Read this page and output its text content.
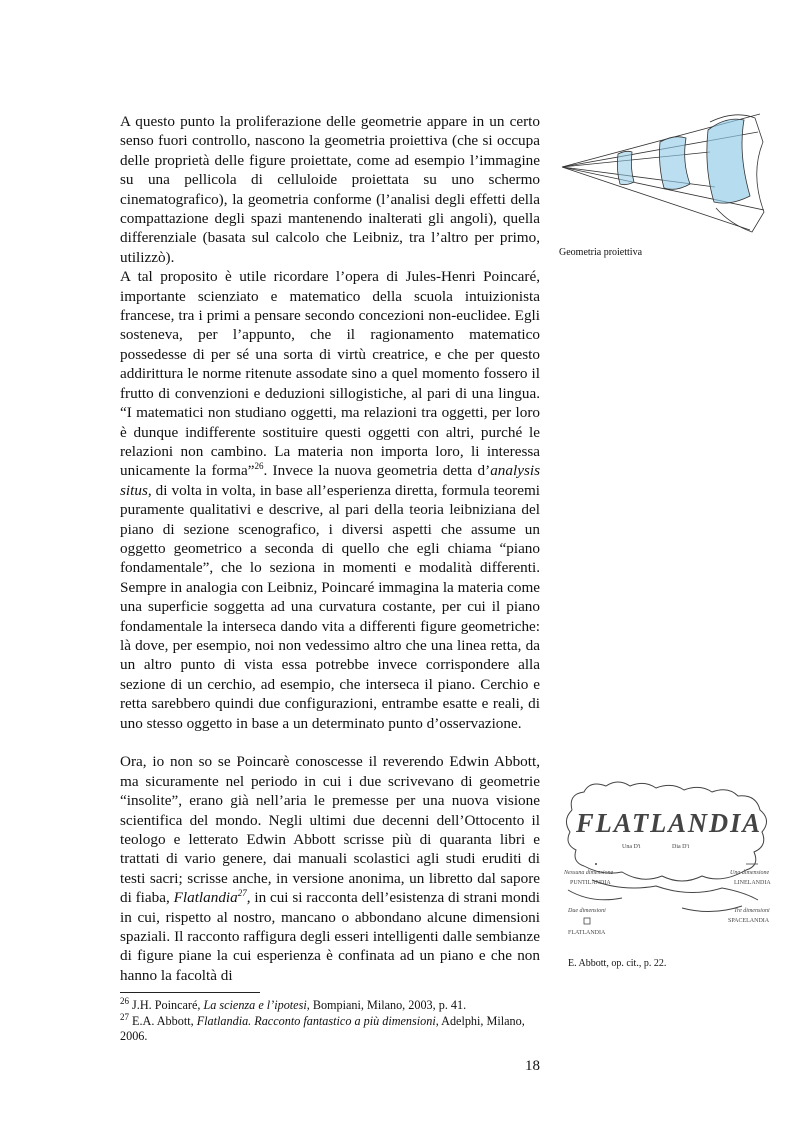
A questo punto la proliferazione delle geometrie appare in un certo senso fuori controllo, nascono la geometria proiettiva (che si occupa delle proprietà delle figure proiettate, come ad esempio l’immagine su una pellicola di celluloide proiettata su uno schermo cinematografico), la geometria conforme (l’analisi degli effetti della compattazione degli spazi mantenendo inalterati gli angoli), quella differenziale (basata sul calcolo che Leibniz, tra l’altro per primo, utilizzò).

A tal proposito è utile ricordare l’opera di Jules-Henri Poincaré, importante scienziato e matematico della scuola intuizionista francese, tra i primi a pensare secondo concezioni non-euclidee. Egli sosteneva, per l’appunto, che il ragionamento matematico possedesse di per sé una sorta di virtù creatrice, e che per questo addirittura le norme ritenute assodate sino a quel momento fossero il frutto di convenzioni e deduzioni sillogistiche, al pari di una lingua. “I matematici non studiano oggetti, ma relazioni tra oggetti, per loro è dunque indifferente sostituire questi oggetti con altri, purché le relazioni non cambino. La materia non importa loro, li interessa unicamente la forma”$^{26}$. Invece la nuova geometria detta d’analysis situs, di volta in volta, in base all’esperienza diretta, formula teoremi puramente qualitativi e descrive, al pari della teoria leibniziana del piano di sezione scenografico, i diversi aspetti che assume un oggetto geometrico a seconda di quello che egli chiama “piano fondamentale”, che lo seziona in momenti e modalità differenti. Sempre in analogia con Leibniz, Poincaré immagina la materia come una superficie soggetta ad una curvatura costante, per cui il piano fondamentale la interseca dando vita a differenti figure geometriche: là dove, per esempio, noi non vedessimo altro che una linea retta, da un altro punto di vista essa potrebbe invece corrispondere alla sezione di un cerchio, ad esempio, che interseca il piano. Cerchio e retta sarebbero quindi due configurazioni, entrambe esatte e reali, di uno stesso oggetto in base a un determinato punto d’osservazione.

Ora, io non so se Poincarè conoscesse il reverendo Edwin Abbott, ma sicuramente nel periodo in cui i due scrivevano di geometrie “insolite”, erano già nell’aria le premesse per una nuova visione scientifica del mondo. Negli ultimi due decenni dell’Ottocento il teologo e letterato Edwin Abbott scrisse più di quaranta libri e trattati di vario genere, dai manuali scolastici agli studi eruditi di testi sacri; scrisse anche, in versione anonima, un libretto dal sapore di fiaba, Flatlandia$^{27}$, in cui si racconta dell’esistenza di strani mondi in cui, rispetto al nostro, mancano o abbondano alcune dimensioni spaziali. Il racconto raffigura degli esseri intelligenti dalle sembianze di figure piane la cui esperienza è confinata ad un piano e che non hanno la facoltà di

Geometria proiettiva
FLATLANDIA
Una D'i	Dia D'i
Nessuna dimensione
PUNTILANDIA
Una dimensione
LINELANDIA
Due dimensioni
FLATLANDIA
Tre dimensioni
SPACELANDIA
E. Abbott, op. cit., p. 22.

$^{26}$ J.H. Poincaré, La scienza e l’ipotesi, Bompiani, Milano, 2003, p. 41.

$^{27}$ E.A. Abbott, Flatlandia. Racconto fantastico a più dimensioni, Adelphi, Milano, 2006.

18
